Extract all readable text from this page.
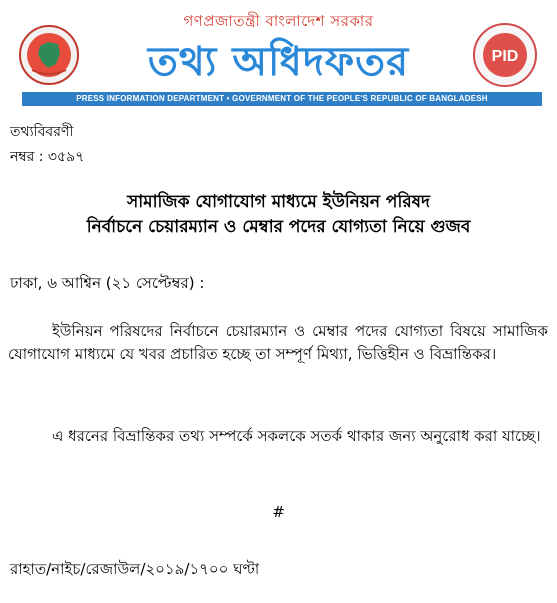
গণপ্রজাতন্ত্রী বাংলাদেশ সরকার
তথ্য অধিদফতর	PID
PRESS INFORMATION DEPARTMENT • GOVERNMENT OF THE PEOPLE'S REPUBLIC OF BANGLADESH
তথ্যবিবরণী
নম্বর : ৩৫৯৭
সামাজিক যোগাযোগ মাধ্যমে ইউনিয়ন পরিষদ
নির্বাচনে চেয়ারম্যান ও মেম্বার পদের যোগ্যতা নিয়ে গুজব
ঢাকা, ৬ আশ্বিন (২১ সেপ্টেম্বর) :
ইউনিয়ন পরিষদের নির্বাচনে চেয়ারম্যান ও মেম্বার পদের যোগ্যতা বিষয়ে সামাজিক যোগাযোগ মাধ্যমে যে খবর প্রচারিত হচ্ছে তা সম্পূর্ণ মিথ্যা, ভিত্তিহীন ও বিভ্রান্তিকর।
এ ধরনের বিভ্রান্তিকর তথ্য সম্পর্কে সকলকে সতর্ক থাকার জন্য অনুরোধ করা যাচ্ছে।
#
রাহাত/নাইচ/রেজাউল/২০১৯/১৭০০ ঘণ্টা
